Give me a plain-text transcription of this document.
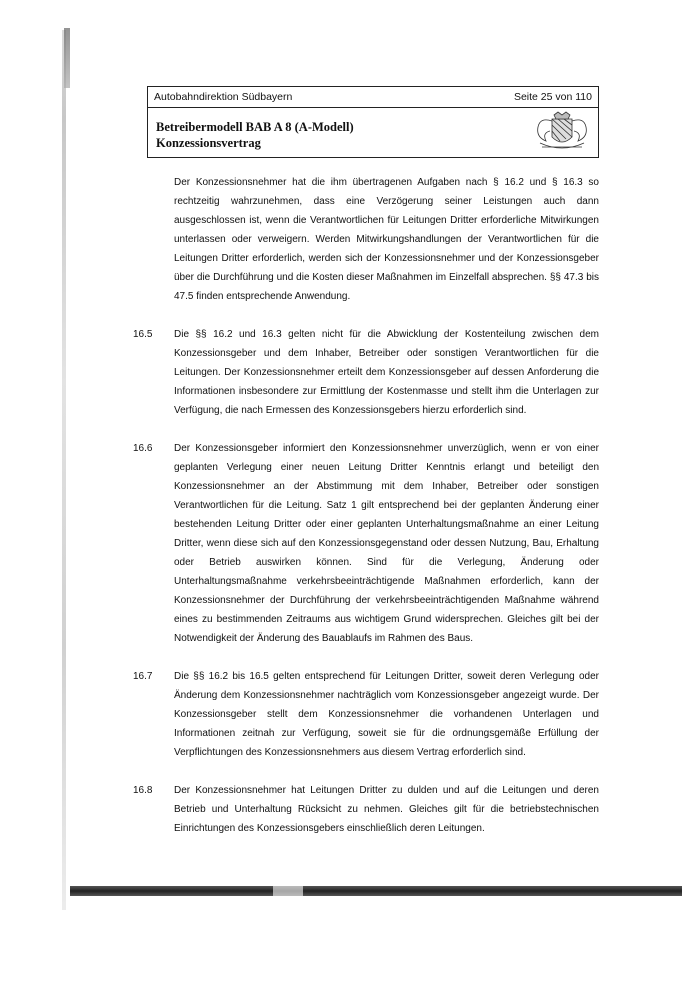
Autobahndirektion Südbayern	Seite 25 von 110
Betreibermodell BAB A 8 (A-Modell)
Konzessionsvertrag
Der Konzessionsnehmer hat die ihm übertragenen Aufgaben nach § 16.2 und § 16.3 so rechtzeitig wahrzunehmen, dass eine Verzögerung seiner Leistungen auch dann ausgeschlossen ist, wenn die Verantwortlichen für Leitungen Dritter erforderliche Mitwirkungen unterlassen oder verweigern. Werden Mitwirkungshandlungen der Verantwortlichen für die Leitungen Dritter erforderlich, werden sich der Konzessionsnehmer und der Konzessionsgeber über die Durchführung und die Kosten dieser Maßnahmen im Einzelfall absprechen. §§ 47.3 bis 47.5 finden entsprechende Anwendung.
16.5 Die §§ 16.2 und 16.3 gelten nicht für die Abwicklung der Kostenteilung zwischen dem Konzessionsgeber und dem Inhaber, Betreiber oder sonstigen Verantwortlichen für die Leitungen. Der Konzessionsnehmer erteilt dem Konzessionsgeber auf dessen Anforderung die Informationen insbesondere zur Ermittlung der Kostenmasse und stellt ihm die Unterlagen zur Verfügung, die nach Ermessen des Konzessionsgebers hierzu erforderlich sind.
16.6 Der Konzessionsgeber informiert den Konzessionsnehmer unverzüglich, wenn er von einer geplanten Verlegung einer neuen Leitung Dritter Kenntnis erlangt und beteiligt den Konzessionsnehmer an der Abstimmung mit dem Inhaber, Betreiber oder sonstigen Verantwortlichen für die Leitung. Satz 1 gilt entsprechend bei der geplanten Änderung einer bestehenden Leitung Dritter oder einer geplanten Unterhaltungsmaßnahme an einer Leitung Dritter, wenn diese sich auf den Konzessionsgegenstand oder dessen Nutzung, Bau, Erhaltung oder Betrieb auswirken können. Sind für die Verlegung, Änderung oder Unterhaltungsmaßnahme verkehrsbeeinträchtigende Maßnahmen erforderlich, kann der Konzessionsnehmer der Durchführung der verkehrsbeeinträchtigenden Maßnahme während eines zu bestimmenden Zeitraums aus wichtigem Grund widersprechen. Gleiches gilt bei der Notwendigkeit der Änderung des Bauablaufs im Rahmen des Baus.
16.7 Die §§ 16.2 bis 16.5 gelten entsprechend für Leitungen Dritter, soweit deren Verlegung oder Änderung dem Konzessionsnehmer nachträglich vom Konzessionsgeber angezeigt wurde. Der Konzessionsgeber stellt dem Konzessionsnehmer die vorhandenen Unterlagen und Informationen zeitnah zur Verfügung, soweit sie für die ordnungsgemäße Erfüllung der Verpflichtungen des Konzessionsnehmers aus diesem Vertrag erforderlich sind.
16.8 Der Konzessionsnehmer hat Leitungen Dritter zu dulden und auf die Leitungen und deren Betrieb und Unterhaltung Rücksicht zu nehmen. Gleiches gilt für die betriebstechnischen Einrichtungen des Konzessionsgebers einschließlich deren Leitungen.
